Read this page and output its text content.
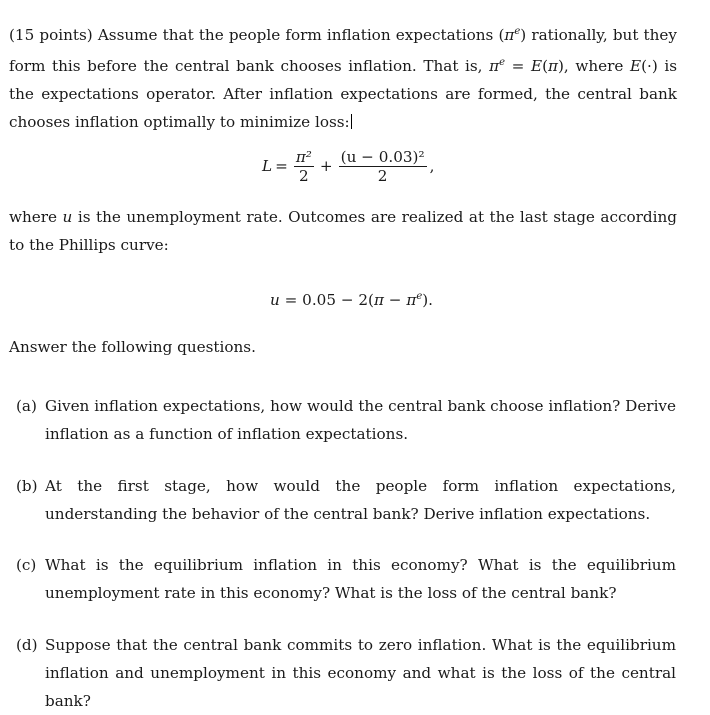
(15 points) Assume that the people form inflation expectations $(\pi^e)$ rationally, but they form this before the central bank chooses inflation. That is, $\pi^e = E(\pi)$, where E(·) is the expectations operator. After inflation expectations are formed, the central bank chooses inflation optimally to minimize loss:

$L = \frac{\text{π²}}{2} + \frac{\text{(u − 0.03)²}}{2}$ ,

where u is the unemployment rate. Outcomes are realized at the last stage according to the Phillips curve:

$u = 0.05 - 2(\pi - \pi^e)$.

Answer the following questions.

(a) Given inflation expectations, how would the central bank choose inflation? Derive inflation as a function of inflation expectations.
(b) At the first stage, how would the people form inflation expectations, understanding the behavior of the central bank? Derive inflation expectations.
(c) What is the equilibrium inflation in this economy? What is the equilibrium unemployment rate in this economy? What is the loss of the central bank?
(d) Suppose that the central bank commits to zero inflation. What is the equilibrium inflation and unemployment in this economy and what is the loss of the central bank?
